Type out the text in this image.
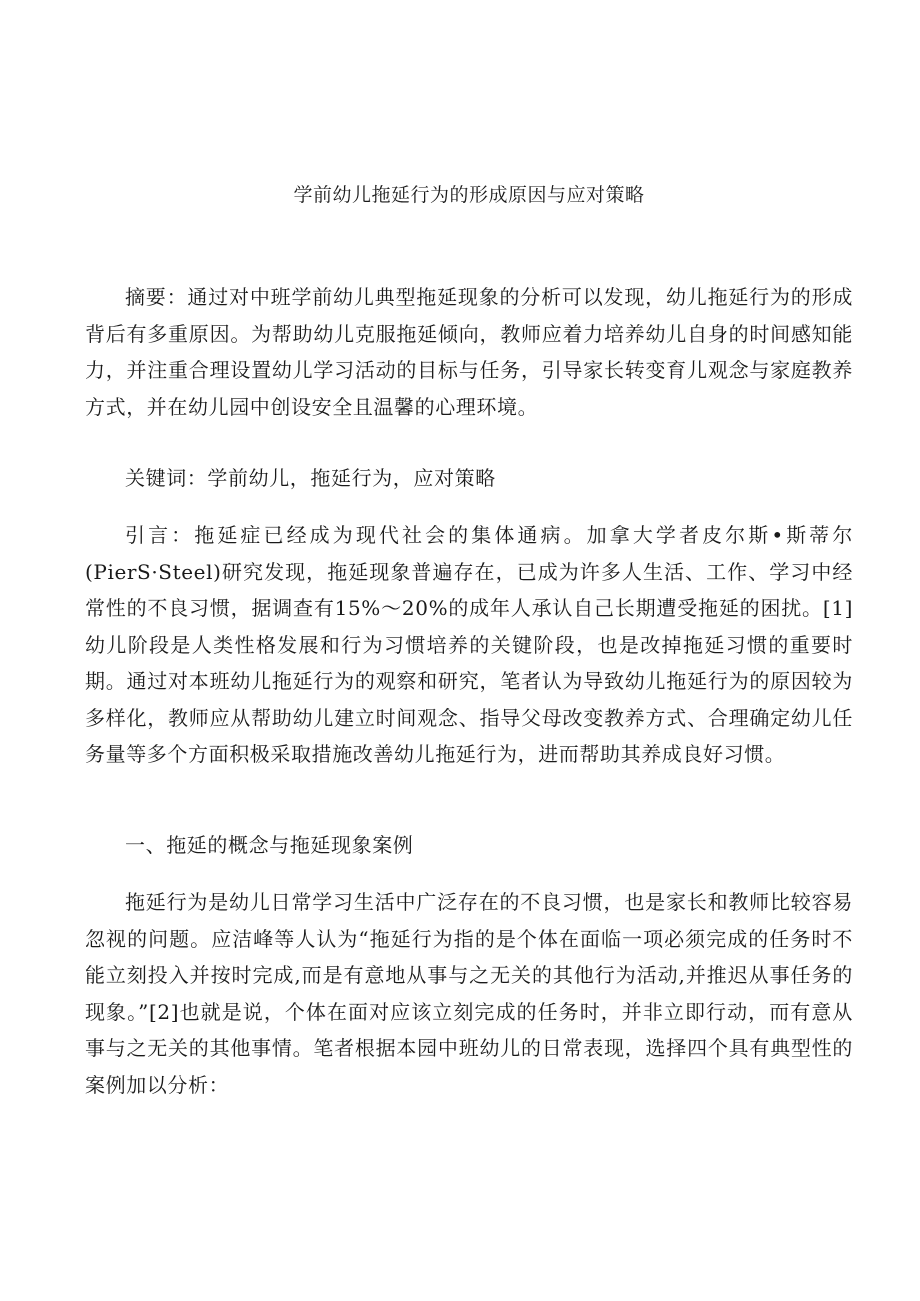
学前幼儿拖延行为的形成原因与应对策略

摘要：通过对中班学前幼儿典型拖延现象的分析可以发现，幼儿拖延行为的形成背后有多重原因。为帮助幼儿克服拖延倾向，教师应着力培养幼儿自身的时间感知能力，并注重合理设置幼儿学习活动的目标与任务，引导家长转变育儿观念与家庭教养方式，并在幼儿园中创设安全且温馨的心理环境。

关键词：学前幼儿，拖延行为，应对策略

引言：拖延症已经成为现代社会的集体通病。加拿大学者皮尔斯•斯蒂尔(PierS·Steel)研究发现，拖延现象普遍存在，已成为许多人生活、工作、学习中经常性的不良习惯，据调查有15%～20%的成年人承认自己长期遭受拖延的困扰。[1]幼儿阶段是人类性格发展和行为习惯培养的关键阶段，也是改掉拖延习惯的重要时期。通过对本班幼儿拖延行为的观察和研究，笔者认为导致幼儿拖延行为的原因较为多样化，教师应从帮助幼儿建立时间观念、指导父母改变教养方式、合理确定幼儿任务量等多个方面积极采取措施改善幼儿拖延行为，进而帮助其养成良好习惯。

一、拖延的概念与拖延现象案例

拖延行为是幼儿日常学习生活中广泛存在的不良习惯，也是家长和教师比较容易忽视的问题。应洁峰等人认为“拖延行为指的是个体在面临一项必须完成的任务时不能立刻投入并按时完成,而是有意地从事与之无关的其他行为活动,并推迟从事任务的现象。”[2]也就是说，个体在面对应该立刻完成的任务时，并非立即行动，而有意从事与之无关的其他事情。笔者根据本园中班幼儿的日常表现，选择四个具有典型性的案例加以分析：
